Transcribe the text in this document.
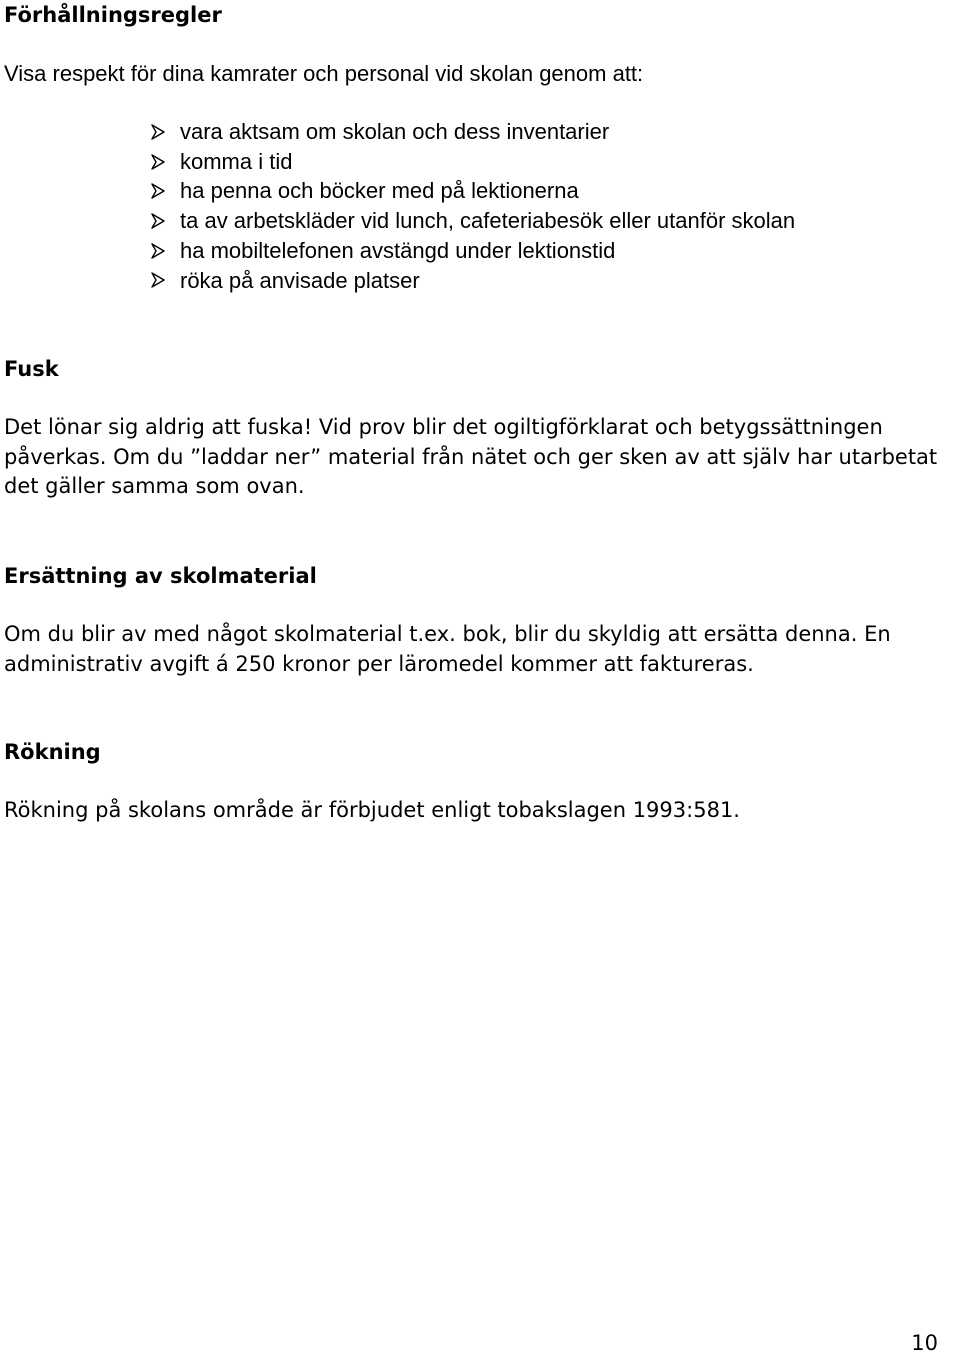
Förhållningsregler

Visa respekt för dina kamrater och personal vid skolan genom att:

vara aktsam om skolan och dess inventarier
komma i tid
ha penna och böcker med på lektionerna
ta av arbetskläder vid lunch, cafeteriabesök eller utanför skolan
ha mobiltelefonen avstängd under lektionstid
röka på anvisade platser
Fusk

Det lönar sig aldrig att fuska! Vid prov blir det ogiltigförklarat och betygssättningen påverkas. Om du ”laddar ner” material från nätet och ger sken av att själv har utarbetat det gäller samma som ovan.

Ersättning av skolmaterial

Om du blir av med något skolmaterial t.ex. bok, blir du skyldig att ersätta denna. En administrativ avgift á 250 kronor per läromedel kommer att faktureras.

Rökning

Rökning på skolans område är förbjudet enligt tobakslagen 1993:581.

10
